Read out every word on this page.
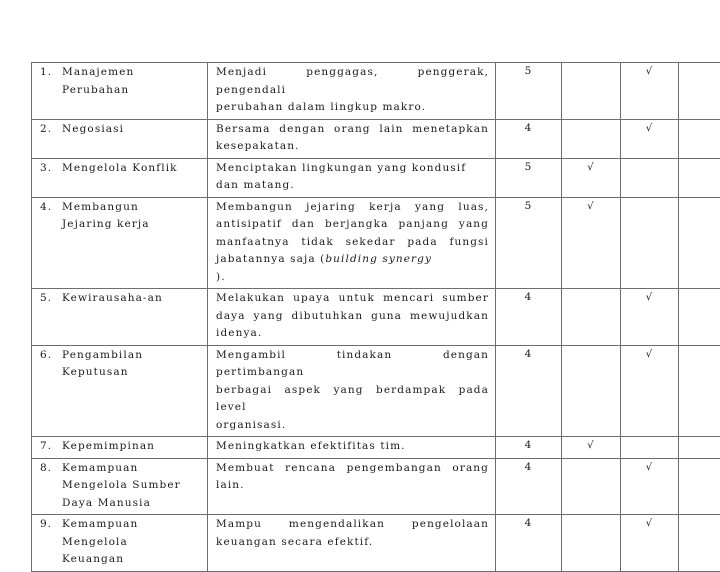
1. Manajemen
Perubahan	Menjadi penggagas, penggerak, pengendali
perubahan dalam lingkup makro.	5		√	

2. Negosiasi	Bersama dengan orang lain menetapkan
kesepakatan.	4		√	

3. Mengelola Konflik	Menciptakan lingkungan yang kondusif
dan matang.	5	√		

4. Membangun
Jejaring kerja	Membangun jejaring kerja yang luas,
antisipatif dan berjangka panjang yang
manfaatnya tidak sekedar pada fungsi
jabatannya saja (building synergy
).	5	√		

5. Kewirausaha-an	Melakukan upaya untuk mencari sumber
daya yang dibutuhkan guna mewujudkan
idenya.	4		√	

6. Pengambilan
Keputusan	Mengambil tindakan dengan pertimbangan
berbagai aspek yang berdampak pada level
organisasi.	4		√	

7. Kepemimpinan	Meningkatkan efektifitas tim.	4	√		

8. Kemampuan
Mengelola Sumber
Daya Manusia	Membuat rencana pengembangan orang
lain.	4		√	

9. Kemampuan
Mengelola
Keuangan	Mampu mengendalikan pengelolaan
keuangan secara efektif.	4		√	
